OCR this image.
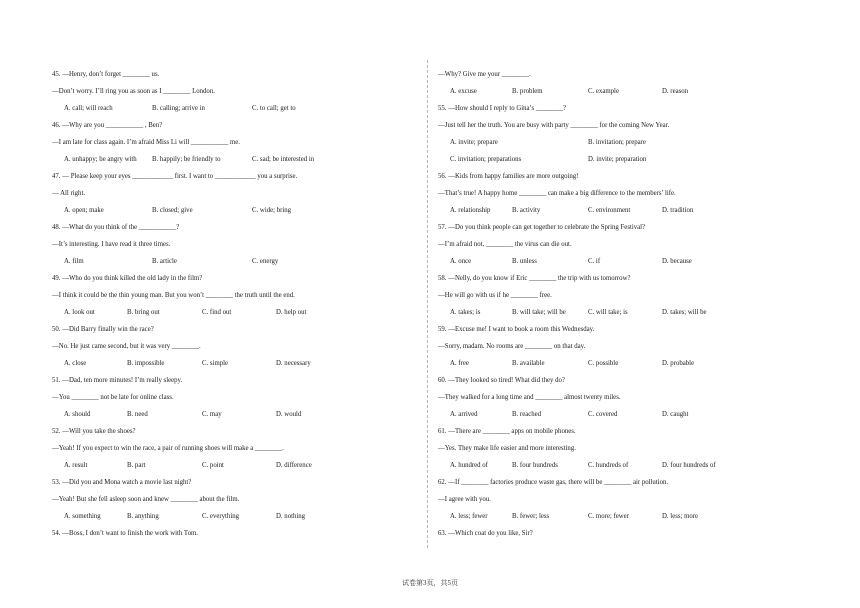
45. —Henry, don’t forget ________ us.
—Don’t worry. I’ll ring you as soon as I ________ London.
A. call; will reach	B. calling; arrive in	C. to call; get to
46. —Why are you ___________ , Ben?
—I am late for class again. I’m afraid Miss Li will ___________ me.
A. unhappy; be angry with B. happily; be friendly to	C. sad; be interested in
47. — Please keep your eyes ____________ first. I want to ____________ you a surprise.
— All right.
A. open; make	B. closed; give	C. wide; bring
48. —What do you think of the ___________?
—It’s interesting. I have read it three times.
A. film	B. article	C. energy
49. —Who do you think killed the old lady in the film?
—I think it could be the thin young man. But you won’t ________ the truth until the end.
A. look out	B. bring out	C. find out	D. help out
50. —Did Barry finally win the race?
—No. He just came second, but it was very ________.
A. close	B. impossible	C. simple	D. necessary
51. —Dad, ten more minutes! I’m really sleepy.
—You ________ not be late for online class.
A. should	B. need	C. may	D. would
52. —Will you take the shoes?
—Yeah! If you expect to win the race, a pair of running shoes will make a ________.
A. result	B. part	C. point	D. difference
53. —Did you and Mona watch a movie last night?
—Yeah! But she fell asleep soon and knew ________ about the film.
A. something	B. anything	C. everything	D. nothing
54. —Boss, I don’t want to finish the work with Tom.
—Why? Give me your ________.
A. excuse	B. problem	C. example	D. reason
55. —How should I reply to Gina’s ________?
—Just tell her the truth. You are busy with party ________ for the coming New Year.
A. invite; prepare	B. invitation; prepare
C. invitation; preparations	D. invite; preparation
56. —Kids from happy families are more outgoing!
—That’s true! A happy home ________ can make a big difference to the members’ life.
A. relationship	B. activity	C. environment	D. tradition
57. —Do you think people can get together to celebrate the Spring Festival?
—I’m afraid not, ________ the virus can die out.
A. once	B. unless	C. if	D. because
58. —Nelly, do you know if Eric ________ the trip with us tomorrow?
—He will go with us if he ________ free.
A. takes; is	B. will take; will be	C. will take; is	D. takes; will be
59. —Excuse me! I want to book a room this Wednesday.
—Sorry, madam. No rooms are ________ on that day.
A. free	B. available	C. possible	D. probable
60. —They looked so tired! What did they do?
—They walked for a long time and ________ almost twenty miles.
A. arrived	B. reached	C. covered	D. caught
61. —There are ________ apps on mobile phones.
—Yes. They make life easier and more interesting.
A. hundred of	B. four hundreds	C. hundreds of	D. four hundreds of
62. —If ________ factories produce waste gas, there will be ________ air pollution.
—I agree with you.
A. less; fewer	B. fewer; less	C. more; fewer	D. less; more
63. —Which coat do you like, Sir?
试卷第3页，共5页
